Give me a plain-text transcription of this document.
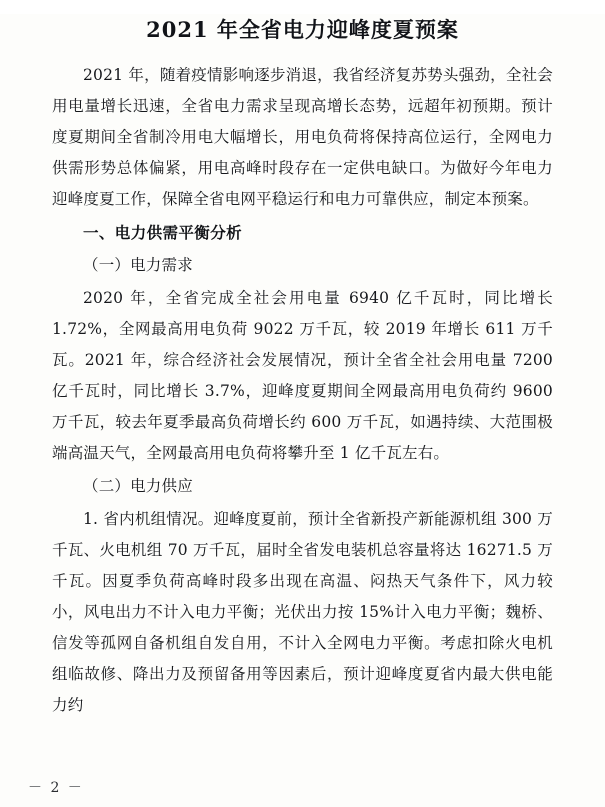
2021 年全省电力迎峰度夏预案

2021 年，随着疫情影响逐步消退，我省经济复苏势头强劲，全社会用电量增长迅速，全省电力需求呈现高增长态势，远超年初预期。预计度夏期间全省制冷用电大幅增长，用电负荷将保持高位运行，全网电力供需形势总体偏紧，用电高峰时段存在一定供电缺口。为做好今年电力迎峰度夏工作，保障全省电网平稳运行和电力可靠供应，制定本预案。

一、电力供需平衡分析

（一）电力需求

2020 年，全省完成全社会用电量 6940 亿千瓦时，同比增长 1.72%，全网最高用电负荷 9022 万千瓦，较 2019 年增长 611 万千瓦。2021 年，综合经济社会发展情况，预计全省全社会用电量 7200 亿千瓦时，同比增长 3.7%，迎峰度夏期间全网最高用电负荷约 9600 万千瓦，较去年夏季最高负荷增长约 600 万千瓦，如遇持续、大范围极端高温天气，全网最高用电负荷将攀升至 1 亿千瓦左右。

（二）电力供应

1. 省内机组情况。迎峰度夏前，预计全省新投产新能源机组 300 万千瓦、火电机组 70 万千瓦，届时全省发电装机总容量将达 16271.5 万千瓦。因夏季负荷高峰时段多出现在高温、闷热天气条件下，风力较小，风电出力不计入电力平衡；光伏出力按 15%计入电力平衡；魏桥、信发等孤网自备机组自发自用，不计入全网电力平衡。考虑扣除火电机组临故修、降出力及预留备用等因素后，预计迎峰度夏省内最大供电能力约

－ 2 －
